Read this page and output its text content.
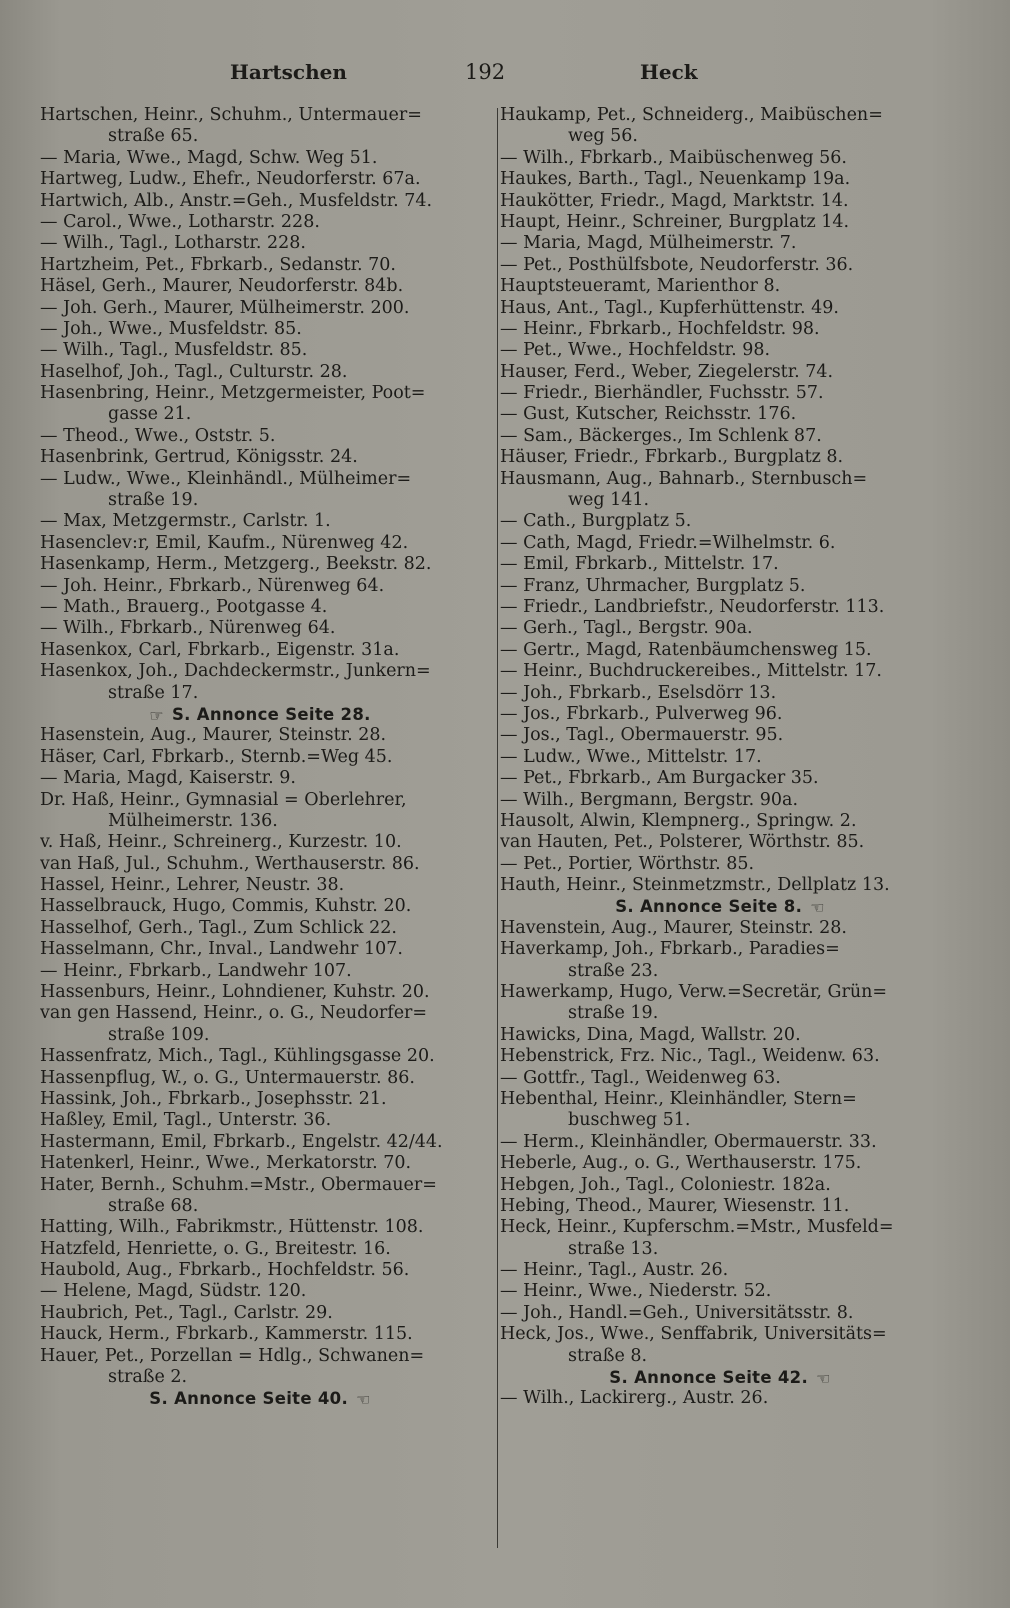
Hartschen	192	Heck
Hartschen, Heinr., Schuhm., Untermauer=
straße 65.
— Maria, Wwe., Magd, Schw. Weg 51.
Hartweg, Ludw., Ehefr., Neudorferstr. 67a.
Hartwich, Alb., Anstr.=Geh., Musfeldstr. 74.
— Carol., Wwe., Lotharstr. 228.
— Wilh., Tagl., Lotharstr. 228.
Hartzheim, Pet., Fbrkarb., Sedanstr. 70.
Häsel, Gerh., Maurer, Neudorferstr. 84b.
— Joh. Gerh., Maurer, Mülheimerstr. 200.
— Joh., Wwe., Musfeldstr. 85.
— Wilh., Tagl., Musfeldstr. 85.
Haselhof, Joh., Tagl., Culturstr. 28.
Hasenbring, Heinr., Metzgermeister, Poot=
gasse 21.
— Theod., Wwe., Oststr. 5.
Hasenbrink, Gertrud, Königsstr. 24.
— Ludw., Wwe., Kleinhändl., Mülheimer=
straße 19.
— Max, Metzgermstr., Carlstr. 1.
Hasenclev:r, Emil, Kaufm., Nürenweg 42.
Hasenkamp, Herm., Metzgerg., Beekstr. 82.
— Joh. Heinr., Fbrkarb., Nürenweg 64.
— Math., Brauerg., Pootgasse 4.
— Wilh., Fbrkarb., Nürenweg 64.
Hasenkox, Carl, Fbrkarb., Eigenstr. 31a.
Hasenkox, Joh., Dachdeckermstr., Junkern=
straße 17.
☞ S. Annonce Seite 28.
Hasenstein, Aug., Maurer, Steinstr. 28.
Häser, Carl, Fbrkarb., Sternb.=Weg 45.
— Maria, Magd, Kaiserstr. 9.
Dr. Haß, Heinr., Gymnasial = Oberlehrer,
Mülheimerstr. 136.
v. Haß, Heinr., Schreinerg., Kurzestr. 10.
van Haß, Jul., Schuhm., Werthauserstr. 86.
Hassel, Heinr., Lehrer, Neustr. 38.
Hasselbrauck, Hugo, Commis, Kuhstr. 20.
Hasselhof, Gerh., Tagl., Zum Schlick 22.
Hasselmann, Chr., Inval., Landwehr 107.
— Heinr., Fbrkarb., Landwehr 107.
Hassenburs, Heinr., Lohndiener, Kuhstr. 20.
van gen Hassend, Heinr., o. G., Neudorfer=
straße 109.
Hassenfratz, Mich., Tagl., Kühlingsgasse 20.
Hassenpflug, W., o. G., Untermauerstr. 86.
Hassink, Joh., Fbrkarb., Josephsstr. 21.
Haßley, Emil, Tagl., Unterstr. 36.
Hastermann, Emil, Fbrkarb., Engelstr. 42/44.
Hatenkerl, Heinr., Wwe., Merkatorstr. 70.
Hater, Bernh., Schuhm.=Mstr., Obermauer=
straße 68.
Hatting, Wilh., Fabrikmstr., Hüttenstr. 108.
Hatzfeld, Henriette, o. G., Breitestr. 16.
Haubold, Aug., Fbrkarb., Hochfeldstr. 56.
— Helene, Magd, Südstr. 120.
Haubrich, Pet., Tagl., Carlstr. 29.
Hauck, Herm., Fbrkarb., Kammerstr. 115.
Hauer, Pet., Porzellan = Hdlg., Schwanen=
straße 2.
S. Annonce Seite 40. ☜
Haukamp, Pet., Schneiderg., Maibüschen=
weg 56.
— Wilh., Fbrkarb., Maibüschenweg 56.
Haukes, Barth., Tagl., Neuenkamp 19a.
Haukötter, Friedr., Magd, Marktstr. 14.
Haupt, Heinr., Schreiner, Burgplatz 14.
— Maria, Magd, Mülheimerstr. 7.
— Pet., Posthülfsbote, Neudorferstr. 36.
Hauptsteueramt, Marienthor 8.
Haus, Ant., Tagl., Kupferhüttenstr. 49.
— Heinr., Fbrkarb., Hochfeldstr. 98.
— Pet., Wwe., Hochfeldstr. 98.
Hauser, Ferd., Weber, Ziegelerstr. 74.
— Friedr., Bierhändler, Fuchsstr. 57.
— Gust, Kutscher, Reichsstr. 176.
— Sam., Bäckerges., Im Schlenk 87.
Häuser, Friedr., Fbrkarb., Burgplatz 8.
Hausmann, Aug., Bahnarb., Sternbusch=
weg 141.
— Cath., Burgplatz 5.
— Cath, Magd, Friedr.=Wilhelmstr. 6.
— Emil, Fbrkarb., Mittelstr. 17.
— Franz, Uhrmacher, Burgplatz 5.
— Friedr., Landbriefstr., Neudorferstr. 113.
— Gerh., Tagl., Bergstr. 90a.
— Gertr., Magd, Ratenbäumchensweg 15.
— Heinr., Buchdruckereibes., Mittelstr. 17.
— Joh., Fbrkarb., Eselsdörr 13.
— Jos., Fbrkarb., Pulverweg 96.
— Jos., Tagl., Obermauerstr. 95.
— Ludw., Wwe., Mittelstr. 17.
— Pet., Fbrkarb., Am Burgacker 35.
— Wilh., Bergmann, Bergstr. 90a.
Hausolt, Alwin, Klempnerg., Springw. 2.
van Hauten, Pet., Polsterer, Wörthstr. 85.
— Pet., Portier, Wörthstr. 85.
Hauth, Heinr., Steinmetzmstr., Dellplatz 13.
S. Annonce Seite 8. ☜
Havenstein, Aug., Maurer, Steinstr. 28.
Haverkamp, Joh., Fbrkarb., Paradies=
straße 23.
Hawerkamp, Hugo, Verw.=Secretär, Grün=
straße 19.
Hawicks, Dina, Magd, Wallstr. 20.
Hebenstrick, Frz. Nic., Tagl., Weidenw. 63.
— Gottfr., Tagl., Weidenweg 63.
Hebenthal, Heinr., Kleinhändler, Stern=
buschweg 51.
— Herm., Kleinhändler, Obermauerstr. 33.
Heberle, Aug., o. G., Werthauserstr. 175.
Hebgen, Joh., Tagl., Coloniestr. 182a.
Hebing, Theod., Maurer, Wiesenstr. 11.
Heck, Heinr., Kupferschm.=Mstr., Musfeld=
straße 13.
— Heinr., Tagl., Austr. 26.
— Heinr., Wwe., Niederstr. 52.
— Joh., Handl.=Geh., Universitätsstr. 8.
Heck, Jos., Wwe., Senffabrik, Universitäts=
straße 8.
S. Annonce Seite 42. ☜
— Wilh., Lackirerg., Austr. 26.
